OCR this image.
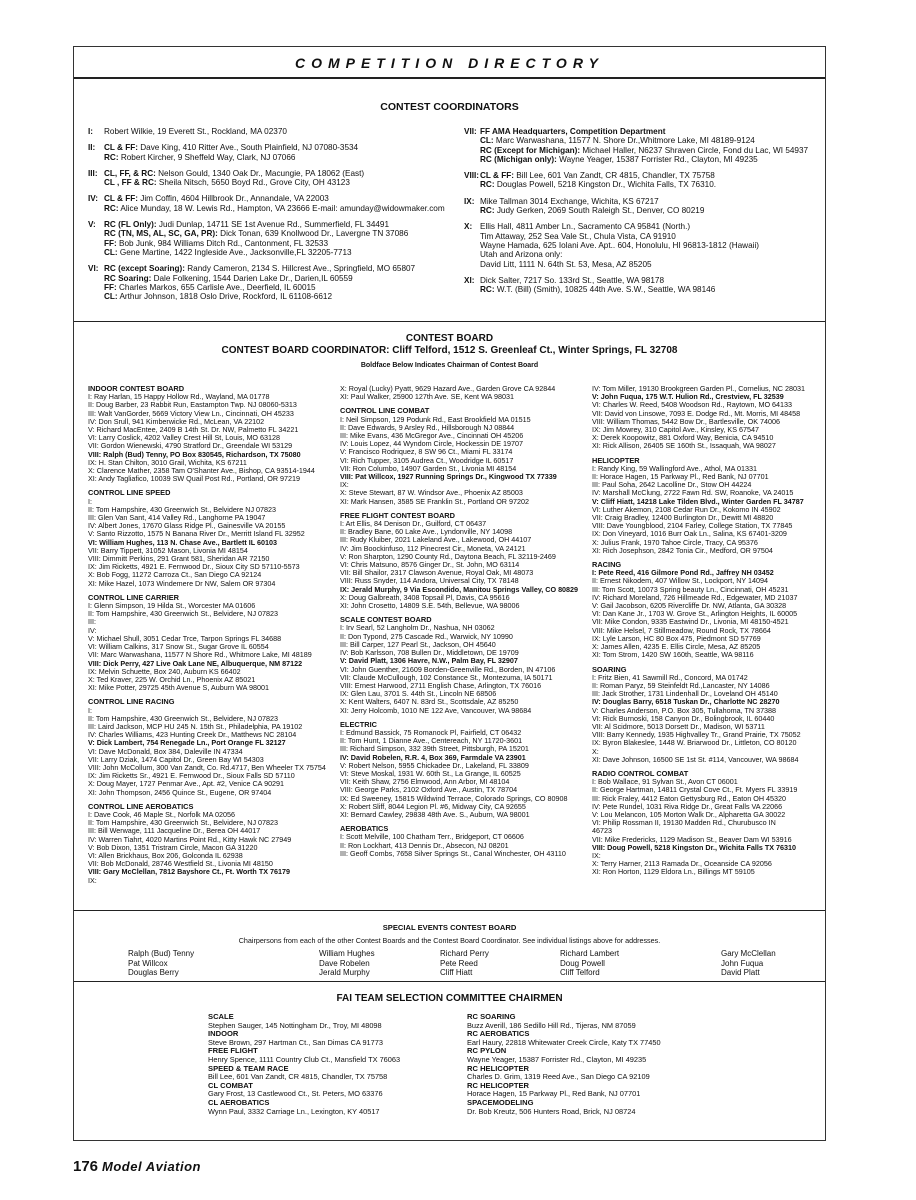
COMPETITION DIRECTORY
CONTEST COORDINATORS
I: Robert Wilkie, 19 Everett St., Rockland, MA 02370
II: CL & FF: Dave King, 410 Ritter Ave., South Plainfield, NJ 07080-3534
RC: Robert Kircher, 9 Sheffeld Way, Clark, NJ 07066
III: CL, FF, & RC: Nelson Gould, 1340 Oak Dr., Macungie, PA 18062 (East)
CL , FF & RC: Sheila Nitsch, 5650 Boyd Rd., Grove City, OH 43123
IV: CL & FF: Jim Coffin, 4604 Hillbrook Dr., Annandale, VA 22003
RC: Alice Munday, 18 W. Lewis Rd., Hampton, VA 23666 E-mail: amunday@widowmaker.com
V: RC (FL Only): Judi Dunlap, 14711 SE 1st Avenue Rd., Summerfield, FL 34491
RC (TN, MS, AL, SC, GA, PR): Dick Tonan, 639 Knollwood Dr., Lavergne TN 37086
FF: Bob Junk, 984 Williams Ditch Rd., Cantonment, FL 32533
CL: Gene Martine, 1422 Ingleside Ave., Jacksonville,FL 32205-7713
VI: RC (except Soaring): Randy Cameron, 2134 S. Hillcrest Ave., Springfield, MO 65807
RC Soaring: Dale Folkening, 1544 Darien Lake Dr., Darien,IL 60559
FF: Charles Markos, 655 Carlisle Ave., Deerfield, IL 60015
CL: Arthur Johnson, 1818 Oslo Drive, Rockford, IL 61108-6612
VII: FF AMA Headquarters, Competition Department
CL: Marc Warwashana, 11577 N. Shore Dr.,Whitmore Lake, MI 48189-9124
RC (Except for Michigan): Michael Haller, N6237 Shraven Circle, Fond du Lac, WI 54937
RC (Michigan only): Wayne Yeager, 15387 Forrister Rd., Clayton, MI 49235
VIII:CL & FF: Bill Lee, 601 Van Zandt, CR 4815, Chandler, TX 75758
RC: Douglas Powell, 5218 Kingston Dr., Wichita Falls, TX 76310.
IX: Mike Tallman 3014 Exchange, Wichita, KS 67217
RC: Judy Gerken, 2069 South Raleigh St., Denver, CO 80219
X: Ellis Hall, 4811 Amber Ln., Sacramento CA 95841 (North.)
Tim Attaway, 252 Sea Vale St., Chula Vista, CA 91910
Wayne Hamada, 625 Iolani Ave. Apt.. 604, Honolulu, HI 96813-1812 (Hawaii)
Utah and Arizona only:
David Litt, 1111 N. 64th St. 53, Mesa, AZ 85205
XI: Dick Salter, 7217 So. 133rd St., Seattle, WA 98178
RC: W.T. (Bill) (Smith), 10825 44th Ave. S.W., Seattle, WA 98146
CONTEST BOARD
CONTEST BOARD COORDINATOR: Cliff Telford, 1512 S. Greenleaf Ct., Winter Springs, FL 32708
Boldface Below Indicates Chairman of Contest Board
INDOOR CONTEST BOARD
I: Ray Harlan, 15 Happy Hollow Rd., Wayland, MA 01778
II: Doug Barber, 23 Rabbit Run, Eastampton Twp. NJ 08060-5313
III: Walt VanGorder, 5669 Victory View Ln., Cincinnati, OH 45233
IV: Don Srull, 941 Kimberwicke Rd., McLean, VA 22102
V: Richard MacEntee, 2409 B 14th St. Dr. NW, Palmetto FL 34221
VI: Larry Coslick, 4202 Valley Crest Hill St, Louis, MO 63128
VII: Gordon Wienewski, 4790 Stratford Dr., Greendale WI 53129
VIII: Ralph (Bud) Tenny, PO Box 830545, Richardson, TX 75080
IX: H. Stan Chilton, 3010 Grail, Wichita, KS 67211
X: Clarence Mather, 2358 Tam O'Shanter Ave., Bishop, CA 93514-1944
XI: Andy Tagliafico, 10039 SW Quail Post Rd., Portland, OR 97219
CONTROL LINE SPEED
I:
II: Tom Hampshire, 430 Greenwich St., Belvidere NJ 07823
III: Glen Van Sant, 414 Valley Rd., Langhorne PA 19047
IV: Albert Jones, 17670 Glass Ridge Pl., Gainesville VA 20155
V: Santo Rizzotto, 1575 N Banana River Dr., Merritt Island FL 32952
VI: William Hughes, 113 N. Chase Ave., Bartlett IL 60103
VII: Barry Tippett, 31052 Mason, Livonia MI 48154
VIII: Dimmitt Perkins, 291 Grant 581, Sheridan AR 72150
IX: Jim Ricketts, 4921 E. Fernwood Dr., Sioux City SD 57110-5573
X: Bob Fogg, 11272 Carroza Ct., San Diego CA 92124
XI: Mike Hazel, 1073 Windemere Dr NW, Salem OR 97304
CONTROL LINE CARRIER
I: Glenn Simpson, 19 Hilda St., Worcester MA 01606
II: Tom Hampshire, 430 Greenwich St., Belvidere, NJ 07823
III:
IV:
V: Michael Shull, 3051 Cedar Trce, Tarpon Springs FL 34688
VI: William Calkins, 317 Snow St., Sugar Grove IL 60554
VII: Marc Warwashana, 11577 N Shore Rd., Whitmore Lake, MI 48189
VIII: Dick Perry, 427 Live Oak Lane NE, Albuquerque, NM 87122
IX: Melvin Schuette, Box 240, Auburn KS 66402
X: Ted Kraver, 225 W. Orchid Ln., Phoenix AZ 85021
XI: Mike Potter, 29725 45th Avenue S, Auburn WA 98001
CONTROL LINE RACING
I:
II: Tom Hampshire, 430 Greenwich St., Belvidere, NJ 07823
III: Laird Jackson, MCP HU 245 N. 15th St., Philadelphia, PA 19102
IV: Charles Williams, 423 Hunting Creek Dr., Matthews NC 28104
V: Dick Lambert, 754 Renegade Ln., Port Orange FL 32127
VI: Dave McDonald, Box 384, Daleville IN 47334
VII: Larry Dziak, 1474 Capitol Dr., Green Bay WI 54303
VIII: John McCollum, 300 Van Zandt, Co. Rd.4717, Ben Wheeler TX 75754
IX: Jim Ricketts Sr., 4921 E. Fernwood Dr., Sioux Falls SD 57110
X: Doug Mayer, 1727 Penmar Ave., Apt. #2, Venice CA 90291
XI: John Thompson, 2456 Quince St., Eugene, OR 97404
CONTROL LINE AEROBATICS
I: Dave Cook, 46 Maple St., Norfolk MA 02056
II: Tom Hampshire, 430 Greenwich St., Belvidere, NJ 07823
III: Bill Werwage, 111 Jacqueline Dr., Berea OH 44017
IV: Warren Tiahrt, 4020 Martins Point Rd., Kitty Hawk NC 27949
V: Bob Dixon, 1351 Tristram Circle, Macon GA 31220
VI: Allen Brickhaus, Box 206, Golconda IL 62938
VII: Bob McDonald, 28746 Westfield St., Livonia MI 48150
VIII: Gary McClellan, 7812 Bayshore Ct., Ft. Worth TX 76179
IX:
X: Royal (Lucky) Pyatt, 9629 Hazard Ave., Garden Grove CA 92844
XI: Paul Walker, 25900 127th Ave. SE, Kent WA 98031
CONTROL LINE COMBAT
I: Neil Simpson, 129 Podunk Rd., East Brookfield MA 01515
II: Dave Edwards, 9 Arsley Rd., Hillsborough NJ 08844
III: Mike Evans, 436 McGregor Ave., Cincinnati OH 45206
IV: Louis Lopez, 44 Wyndom Circle, Hockessin DE 19707
V: Francisco Rodriquez, 8 SW 96 Ct., Miami FL 33174
VI: Rich Tupper, 3105 Audrea Ct., Woodridge IL 60517
VII: Ron Columbo, 14907 Garden St., Livonia MI 48154
VIII: Pat Willcox, 1927 Running Springs Dr., Kingwood TX 77339
IX:
X: Steve Stewart, 87 W. Windsor Ave., Phoenix AZ 85003
XI: Mark Hansen, 3585 SE Franklin St., Portland OR 97202
FREE FLIGHT CONTEST BOARD
I: Art Ellis, 84 Denison Dr., Guilford, CT 06437
II: Bradley Bane, 60 Lake Ave., Lyndonville, NY 14098
III: Rudy Kluiber, 2021 Lakeland Ave., Lakewood, OH 44107
IV: Jim Boockinfuso, 112 Pinecrest Cir., Moneta, VA 24121
V: Ron Sharpton, 1290 County Rd., Daytona Beach, FL 32119-2469
VI: Chris Matsuno, 8576 Ginger Dr., St. John, MO 63114
VII: Bill Shailor, 2317 Clawson Avenue, Royal Oak, MI 48073
VIII: Russ Snyder, 114 Andora, Universal City, TX 78148
IX: Jerald Murphy, 9 Via Escondido, Manitou Springs Valley, CO 80829
X: Doug Galbreath, 3408 Topsail Pl, Davis, CA 95616
XI: John Crosetto, 14809 S.E. 54th, Bellevue, WA 98006
SCALE CONTEST BOARD
I: Irv Searl, 52 Langholm Dr., Nashua, NH 03062
II: Don Typond, 275 Cascade Rd., Warwick, NY 10990
III: Bill Carper, 127 Pearl St., Jackson, OH 45640
IV: Bob Karlsson, 708 Bullen Dr., Middletown, DE 19709
V: David Platt, 1306 Havre, N.W., Palm Bay, FL 32907
VI: John Guenther, 21609 Borden-Greenville Rd., Borden, IN 47106
VII: Claude McCullough, 102 Constance St., Montezuma, IA 50171
VIII: Ernest Harwood, 2711 English Chase, Arlington, TX 76016
IX: Glen Lau, 3701 S. 44th St., Lincoln NE 68506
X: Kent Walters, 6407 N. 83rd St., Scottsdale, AZ 85250
XI: Jerry Holcomb, 1010 NE 122 Ave, Vancouver, WA 98684
ELECTRIC
I: Edmund Bassick, 75 Romanock Pl, Fairfield, CT 06432
II: Tom Hunt, 1 Dianne Ave., Centereach, NY 11720-3601
III: Richard Simpson, 332 39th Street, Pittsburgh, PA 15201
IV: David Robelen, R.R. 4, Box 369, Farmdale VA 23901
V: Robert Nelson, 5955 Chickadee Dr., Lakeland, FL 33809
VI: Steve Moskal, 1931 W. 60th St., La Grange, IL 60525
VII: Keith Shaw, 2756 Elmwood, Ann Arbor, MI 48104
VIII: George Parks, 2102 Oxford Ave., Austin, TX 78704
IX: Ed Sweeney, 15815 Wildwind Terrace, Colorado Springs, CO 80908
X: Robert Sliff, 8044 Legion Pl. #6, Midway City, CA 92655
XI: Bernard Cawley, 29838 48th Ave. S., Auburn, WA 98001
AEROBATICS
I: Scott Melville, 100 Chatham Terr., Bridgeport, CT 06606
II: Ron Lockhart, 413 Dennis Dr., Absecon, NJ 08201
III: Geoff Combs, 7658 Silver Springs St., Canal Winchester, OH 43110
IV: Tom Miller, 19130 Brookgreen Garden Pl., Cornelius, NC 28031
V: John Fuqua, 175 W.T. Hulion Rd., Crestview, FL 32539
VI: Charles W. Reed, 5408 Woodson Rd., Raytown, MO 64133
VII: David von Linsowe, 7093 E. Dodge Rd., Mt. Morris, MI 48458
VIII: William Thomas, 5442 Bow Dr., Bartlesville, OK 74006
IX: Jim Mowrey, 310 Capitol Ave., Kinsley, KS 67547
X: Derek Koopowitz, 881 Oxford Way, Benicia, CA 94510
XI: Rick Allison, 26405 SE 160th St., Issaquah, WA 98027
HELICOPTER
I: Randy King, 59 Wallingford Ave., Athol, MA 01331
II: Horace Hagen, 15 Parkway Pl., Red Bank, NJ 07701
III: Paul Soha, 2642 Lacolline Dr., Stow OH 44224
IV: Marshall McClung, 2722 Fawn Rd. SW, Roanoke, VA 24015
V: Cliff Hiatt, 14218 Lake Tilden Blvd., Winter Garden FL 34787
VI: Luther Akemon, 2108 Cedar Run Dr., Kokomo IN 45902
VII: Craig Bradley, 12400 Burlington Dr., Dewitt MI 48820
VIII: Dave Youngblood, 2104 Farley, College Station, TX 77845
IX: Don Vineyard, 1016 Burr Oak Ln., Salina, KS 67401-3209
X: Julius Frank, 1970 Tahoe Circle, Tracy, CA 95376
XI: Rich Josephson, 2842 Tonia Cir., Medford, OR 97504
RACING
I: Pete Reed, 416 Gilmore Pond Rd., Jaffrey NH 03452
II: Ernest Nikodem, 407 Willow St., Lockport, NY 14094
III: Tom Scott, 10073 Spring beauty Ln., Cincinnati, OH 45231
IV: Richard Moreland, 726 Hillmeade Rd., Edgewater, MD 21037
V: Gail Jacobson, 6205 Rivercliffe Dr. NW, Atlanta, GA 30328
VI: Dan Kane Jr., 1703 W. Grove St., Arlington Heights, IL 60005
VII: Mike Condon, 9335 Eastwind Dr., Livonia, MI 48150-4521
VIII: Mike Helsel, 7 Stillmeadow, Round Rock, TX 78664
IX: Lyle Larson, HC 80 Box 475, Piedmont SD 57769
X: James Allen, 4235 E. Ellis Circle, Mesa, AZ 85205
XI: Tom Strom, 1420 SW 160th, Seattle, WA 98116
SOARING
I: Fritz Bien, 41 Sawmill Rd., Concord, MA 01742
II: Roman Paryz, 59 Steinfeldt Rd.,Lancaster, NY 14086
III: Jack Strother, 1731 Lindenhall Dr., Loveland OH 45140
IV: Douglas Barry, 6518 Tuskan Dr., Charlotte NC 28270
V: Charles Anderson, P.O. Box 305, Tullahoma, TN 37388
VI: Rick Burnoski, 158 Canyon Dr., Bolingbrook, IL 60440
VII: Al Scidmore, 5013 Dorsett Dr., Madison, WI 53711
VIII: Barry Kennedy, 1935 Highvalley Tr., Grand Prairie, TX 75052
IX: Byron Blakeslee, 1448 W. Briarwood Dr., Littleton, CO 80120
X:
XI: Dave Johnson, 16500 SE 1st St. #114, Vancouver, WA 98684
RADIO CONTROL COMBAT
I: Bob Wallace, 91 Sylvan St., Avon CT 06001
II: George Hartman, 14811 Crystal Cove Ct., Ft. Myers FL 33919
III: Rick Fraley, 4412 Eaton Gettysburg Rd., Eaton OH 45320
IV: Pete Rundel, 1031 Riva Ridge Dr., Great Falls VA 22066
V: Lou Melancon, 105 Morton Walk Dr., Alpharetta GA 30022
VI: Philip Rossman II, 19130 Madden Rd., Churubusco IN
46723
VII: Mike Fredericks, 1129 Madison St., Beaver Dam WI 53916
VIII: Doug Powell, 5218 Kingston Dr., Wichita Falls TX 76310
IX:
X: Terry Harner, 2113 Ramada Dr., Oceanside CA 92056
XI: Ron Horton, 1129 Eldora Ln., Billings MT 59105
SPECIAL EVENTS CONTEST BOARD
Chairpersons from each of the other Contest Boards and the Contest Board Coordinator. See individual listings above for addresses.
Ralph (Bud) Tenny
Pat Willcox
Douglas Berry
William Hughes
Dave Robelen
Jerald Murphy
Richard Perry
Pete Reed
Cliff Hiatt
Richard Lambert
Doug Powell
Cliff Telford
Gary McClellan
John Fuqua
David Platt
FAI TEAM SELECTION COMMITTEE CHAIRMEN
SCALE
Stephen Sauger, 145 Nottingham Dr., Troy, MI 48098
INDOOR
Steve Brown, 297 Hartman Ct., San Dimas CA 91773
FREE FLIGHT
Henry Spence, 1111 Country Club Ct., Mansfield TX 76063
SPEED & TEAM RACE
Bill Lee, 601 Van Zandt, CR 4815, Chandler, TX 75758
CL COMBAT
Gary Frost, 13 Castlewood Ct., St. Peters, MO 63376
CL AEROBATICS
Wynn Paul, 3332 Carriage Ln., Lexington, KY 40517
RC SOARING
Buzz Averill, 186 Sedillo Hill Rd., Tijeras, NM 87059
RC AEROBATICS
Earl Haury, 22818 Whitewater Creek Circle, Katy TX 77450
RC PYLON
Wayne Yeager, 15387 Forrister Rd., Clayton, MI 49235
RC HELICOPTER
Charles D. Grim, 1319 Reed Ave., San Diego CA 92109
RC HELICOPTER
Horace Hagen, 15 Parkway Pl., Red Bank, NJ 07701
SPACEMODELING
Dr. Bob Kreutz, 506 Hunters Road, Brick, NJ 08724
176 Model Aviation
